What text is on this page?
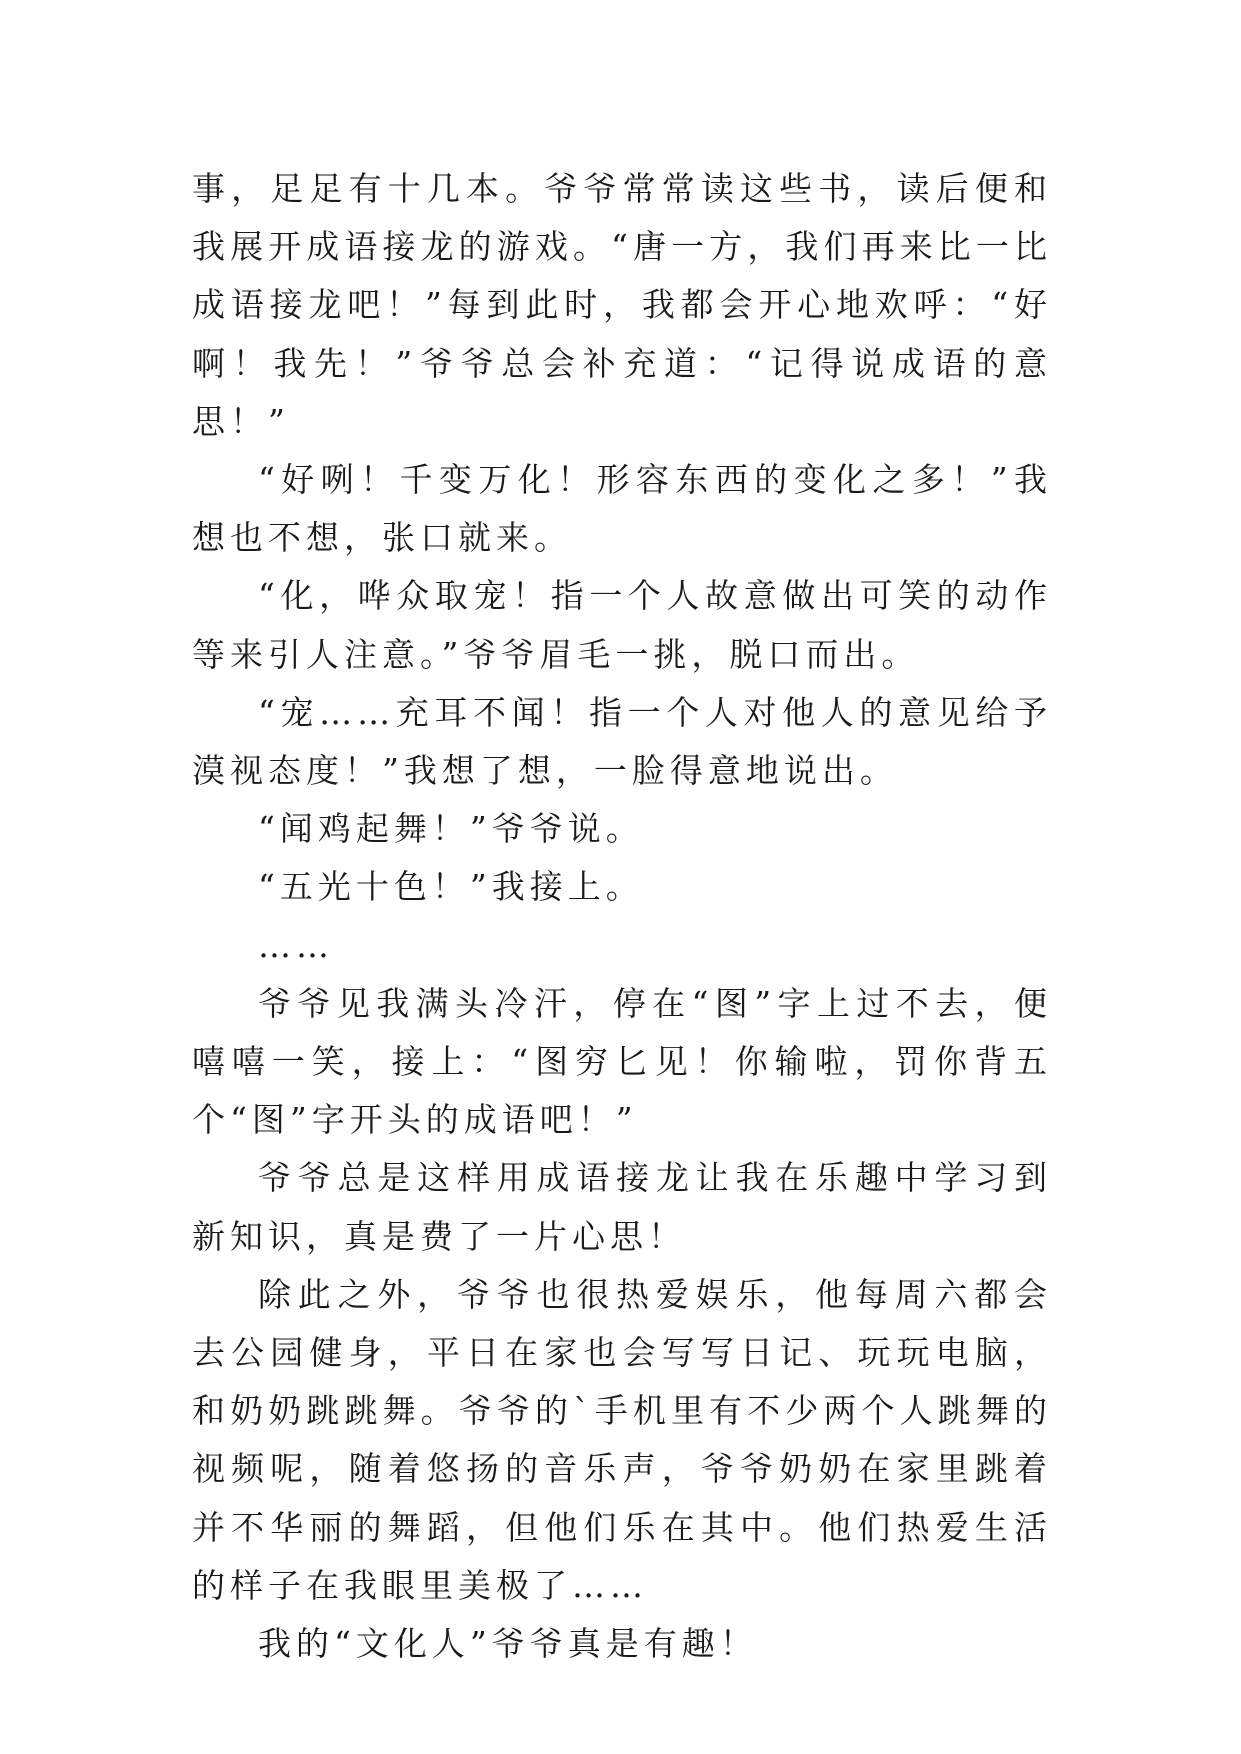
事，足足有十几本。爷爷常常读这些书，读后便和我展开成语接龙的游戏。“唐一方，我们再来比一比成语接龙吧！”每到此时，我都会开心地欢呼：“好啊！我先！”爷爷总会补充道：“记得说成语的意思！”

“好咧！千变万化！形容东西的变化之多！”我想也不想，张口就来。

“化，哗众取宠！指一个人故意做出可笑的动作等来引人注意。”爷爷眉毛一挑，脱口而出。

“宠……充耳不闻！指一个人对他人的意见给予漠视态度！”我想了想，一脸得意地说出。

“闻鸡起舞！”爷爷说。

“五光十色！”我接上。

……

爷爷见我满头冷汗，停在“图”字上过不去，便嘻嘻一笑，接上：“图穷匕见！你输啦，罚你背五个“图”字开头的成语吧！”

爷爷总是这样用成语接龙让我在乐趣中学习到新知识，真是费了一片心思！

除此之外，爷爷也很热爱娱乐，他每周六都会去公园健身，平日在家也会写写日记、玩玩电脑，和奶奶跳跳舞。爷爷的`手机里有不少两个人跳舞的视频呢，随着悠扬的音乐声，爷爷奶奶在家里跳着并不华丽的舞蹈，但他们乐在其中。他们热爱生活的样子在我眼里美极了……

我的“文化人”爷爷真是有趣！
